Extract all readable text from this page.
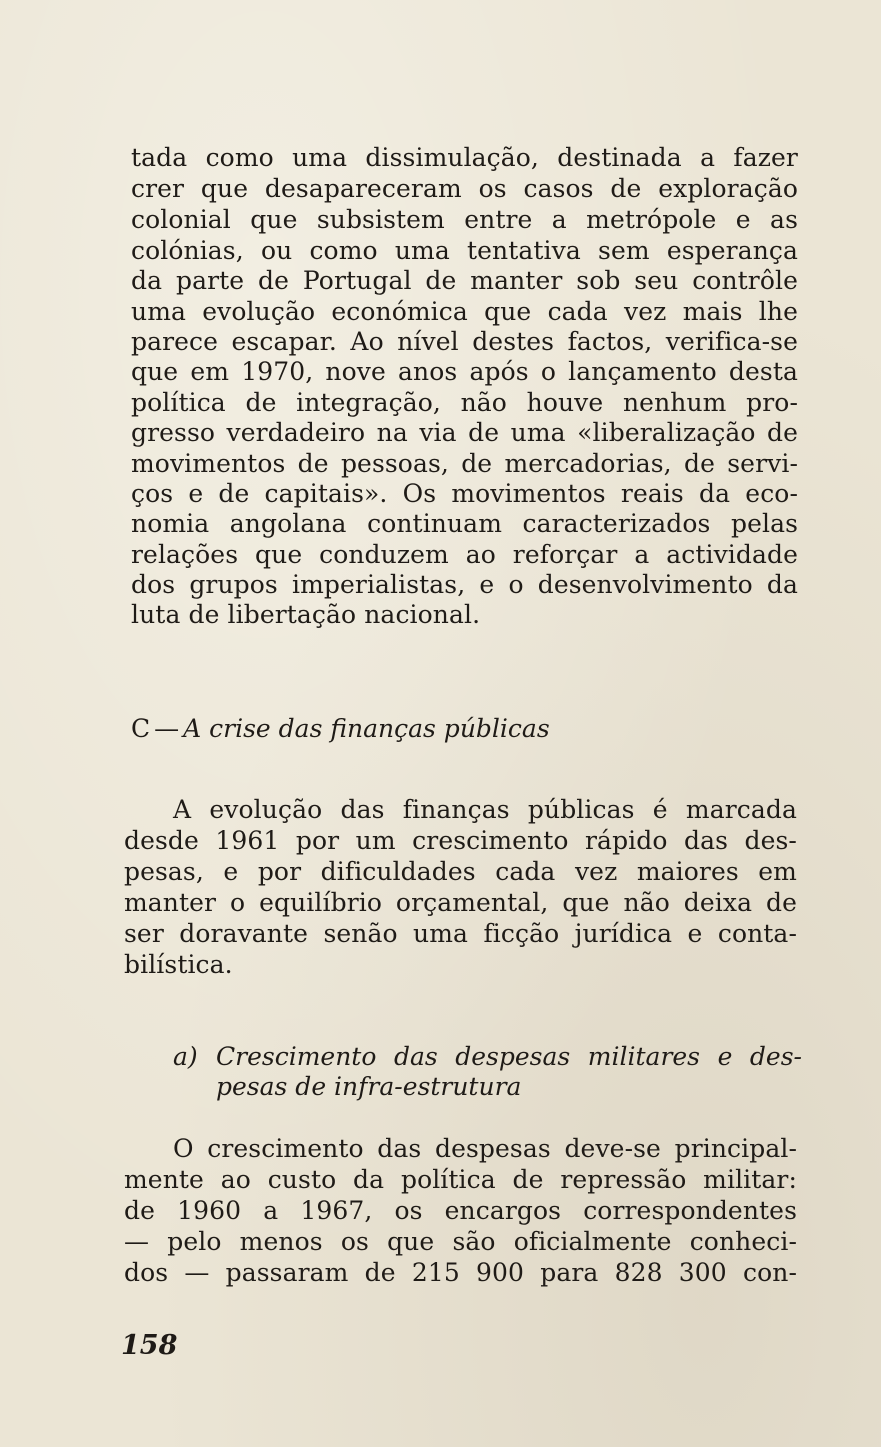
tada como uma dissimulação, destinada a fazer
crer que desapareceram os casos de exploração
colonial que subsistem entre a metrópole e as
colónias, ou como uma tentativa sem esperança
da parte de Portugal de manter sob seu contrôle
uma evolução económica que cada vez mais lhe
parece escapar. Ao nível destes factos, verifica-se
que em 1970, nove anos após o lançamento desta
política de integração, não houve nenhum pro-
gresso verdadeiro na via de uma «liberalização de
movimentos de pessoas, de mercadorias, de servi-
ços e de capitais». Os movimentos reais da eco-
nomia angolana continuam caracterizados pelas
relações que conduzem ao reforçar a actividade
dos grupos imperialistas, e o desenvolvimento da
luta de libertação nacional.
C — A crise das finanças públicas
A evolução das finanças públicas é marcada
desde 1961 por um crescimento rápido das des-
pesas, e por dificuldades cada vez maiores em
manter o equilíbrio orçamental, que não deixa de
ser doravante senão uma ficção jurídica e conta-
bilística.
a) Crescimento das despesas militares e des-
pesas de infra-estrutura
O crescimento das despesas deve-se principal-
mente ao custo da política de repressão militar:
de 1960 a 1967, os encargos correspondentes
— pelo menos os que são oficialmente conheci-
dos — passaram de 215 900 para 828 300 con-
158
